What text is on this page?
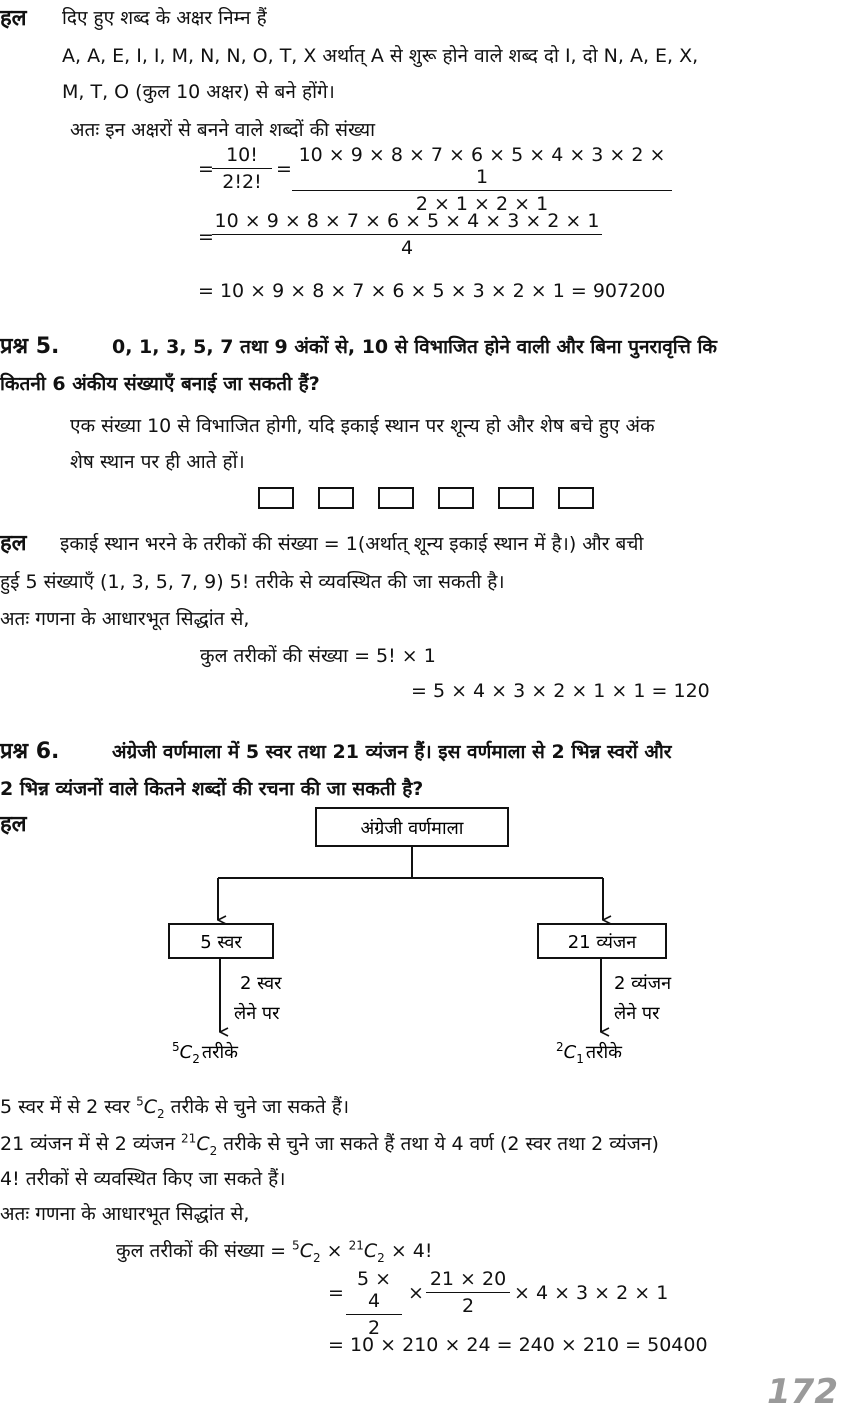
हल दिए हुए शब्द के अक्षर निम्न हैं
A, A, E, I, I, M, N, N, O, T, X अर्थात् A से शुरू होने वाले शब्द दो I, दो N, A, E, X,
M, T, O (कुल 10 अक्षर) से बने होंगे।
अतः इन अक्षरों से बनने वाले शब्दों की संख्या
=
10!
2!2!
=
10 × 9 × 8 × 7 × 6 × 5 × 4 × 3 × 2 × 1
2 × 1 × 2 × 1
=
10 × 9 × 8 × 7 × 6 × 5 × 4 × 3 × 2 × 1
4
= 10 × 9 × 8 × 7 × 6 × 5 × 3 × 2 × 1 = 907200
प्रश्न 5.	0, 1, 3, 5, 7 तथा 9 अंकों से, 10 से विभाजित होने वाली और बिना पुनरावृत्ति कि
कितनी 6 अंकीय संख्याएँ बनाई जा सकती हैं?
एक संख्या 10 से विभाजित होगी, यदि इकाई स्थान पर शून्य हो और शेष बचे हुए अंक
शेष स्थान पर ही आते हों।
हल इकाई स्थान भरने के तरीकों की संख्या = 1(अर्थात् शून्य इकाई स्थान में है।) और बची
हुई 5 संख्याएँ (1, 3, 5, 7, 9) 5! तरीके से व्यवस्थित की जा सकती है।
अतः गणना के आधारभूत सिद्धांत से,
कुल तरीकों की संख्या = 5! × 1
= 5 × 4 × 3 × 2 × 1 × 1 = 120
प्रश्न 6.	अंग्रेजी वर्णमाला में 5 स्वर तथा 21 व्यंजन हैं। इस वर्णमाला से 2 भिन्न स्वरों और
2 भिन्न व्यंजनों वाले कितने शब्दों की रचना की जा सकती है?
हल	अंग्रेजी वर्णमाला
5 स्वर	21 व्यंजन
2 स्वर
लेने पर
2 व्यंजन
लेने पर
$^5C_2$ तरीके	$^2C_1$ तरीके
5 स्वर में से 2 स्वर $^5C_2$ तरीके से चुने जा सकते हैं।
21 व्यंजन में से 2 व्यंजन $^{21}C_2$ तरीके से चुने जा सकते हैं तथा ये 4 वर्ण (2 स्वर तथा 2 व्यंजन)
4! तरीकों से व्यवस्थित किए जा सकते हैं।
अतः गणना के आधारभूत सिद्धांत से,
कुल तरीकों की संख्या = $^5C_2 \times ^{21}C_2 \times 4$!
=
5 × 4
2
×
21 × 20
2
× 4 × 3 × 2 × 1
= 10 × 210 × 24 = 240 × 210 = 50400
172
